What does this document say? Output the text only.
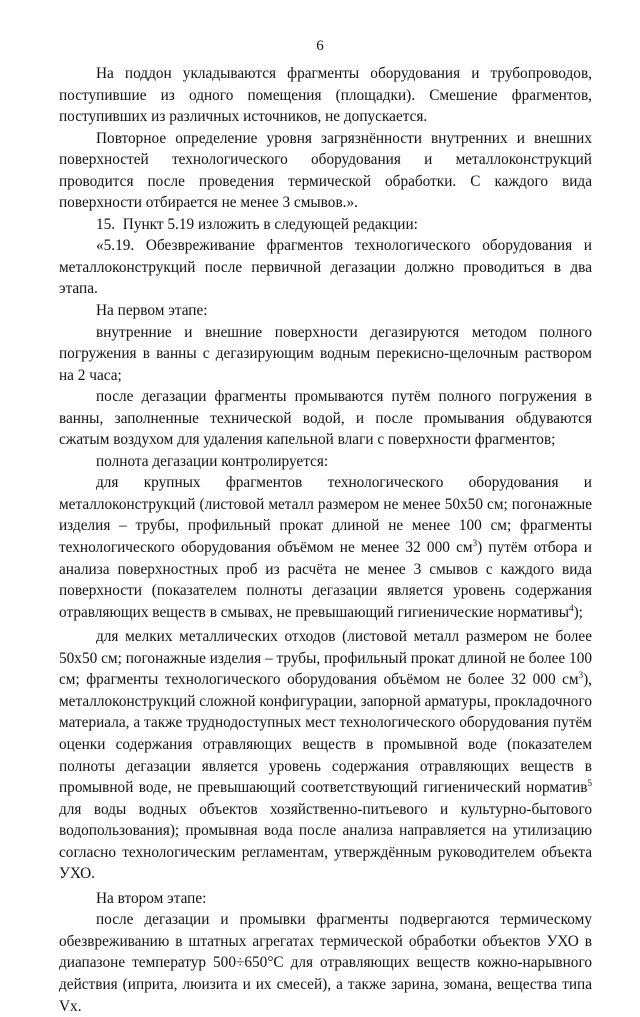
6

На поддон укладываются фрагменты оборудования и трубопроводов, поступившие из одного помещения (площадки). Смешение фрагментов, поступивших из различных источников, не допускается.

Повторное определение уровня загрязнённости внутренних и внешних поверхностей технологического оборудования и металлоконструкций проводится после проведения термической обработки. С каждого вида поверхности отбирается не менее 3 смывов.».

15.  Пункт 5.19 изложить в следующей редакции:

«5.19. Обезвреживание фрагментов технологического оборудования и металлоконструкций после первичной дегазации должно проводиться в два этапа.

На первом этапе:

внутренние и внешние поверхности дегазируются методом полного погружения в ванны с дегазирующим водным перекисно-щелочным раствором на 2 часа;

после дегазации фрагменты промываются путём полного погружения в ванны, заполненные технической водой, и после промывания обдуваются сжатым воздухом для удаления капельной влаги с поверхности фрагментов;

полнота дегазации контролируется:

для крупных фрагментов технологического оборудования и металлоконструкций (листовой металл размером не менее 50х50 см; погонажные изделия – трубы, профильный прокат длиной не менее 100 см; фрагменты технологического оборудования объёмом не менее 32 000 $см^3$) путём отбора и анализа поверхностных проб из расчёта не менее 3 смывов с каждого вида поверхности (показателем полноты дегазации является уровень содержания отравляющих веществ в смывах, не превышающий гигиенические нормативы$^4$);

для мелких металлических отходов (листовой металл размером не более 50х50 см; погонажные изделия – трубы, профильный прокат длиной не более 100 см; фрагменты технологического оборудования объёмом не более 32 000 $см^3$), металлоконструкций сложной конфигурации, запорной арматуры, прокладочного материала, а также труднодоступных мест технологического оборудования путём оценки содержания отравляющих веществ в промывной воде (показателем полноты дегазации является уровень содержания отравляющих веществ в промывной воде, не превышающий соответствующий гигиенический норматив$^5$ для воды водных объектов хозяйственно-питьевого и культурно-бытового водопользования); промывная вода после анализа направляется на утилизацию согласно технологическим регламентам, утверждённым руководителем объекта УХО.

На втором этапе:

после дегазации и промывки фрагменты подвергаются термическому обезвреживанию в штатных агрегатах термической обработки объектов УХО в диапазоне температур 500÷650°С для отравляющих веществ кожно-нарывного действия (иприта, люизита и их смесей), а также зарина, зомана, вещества типа Vx.
